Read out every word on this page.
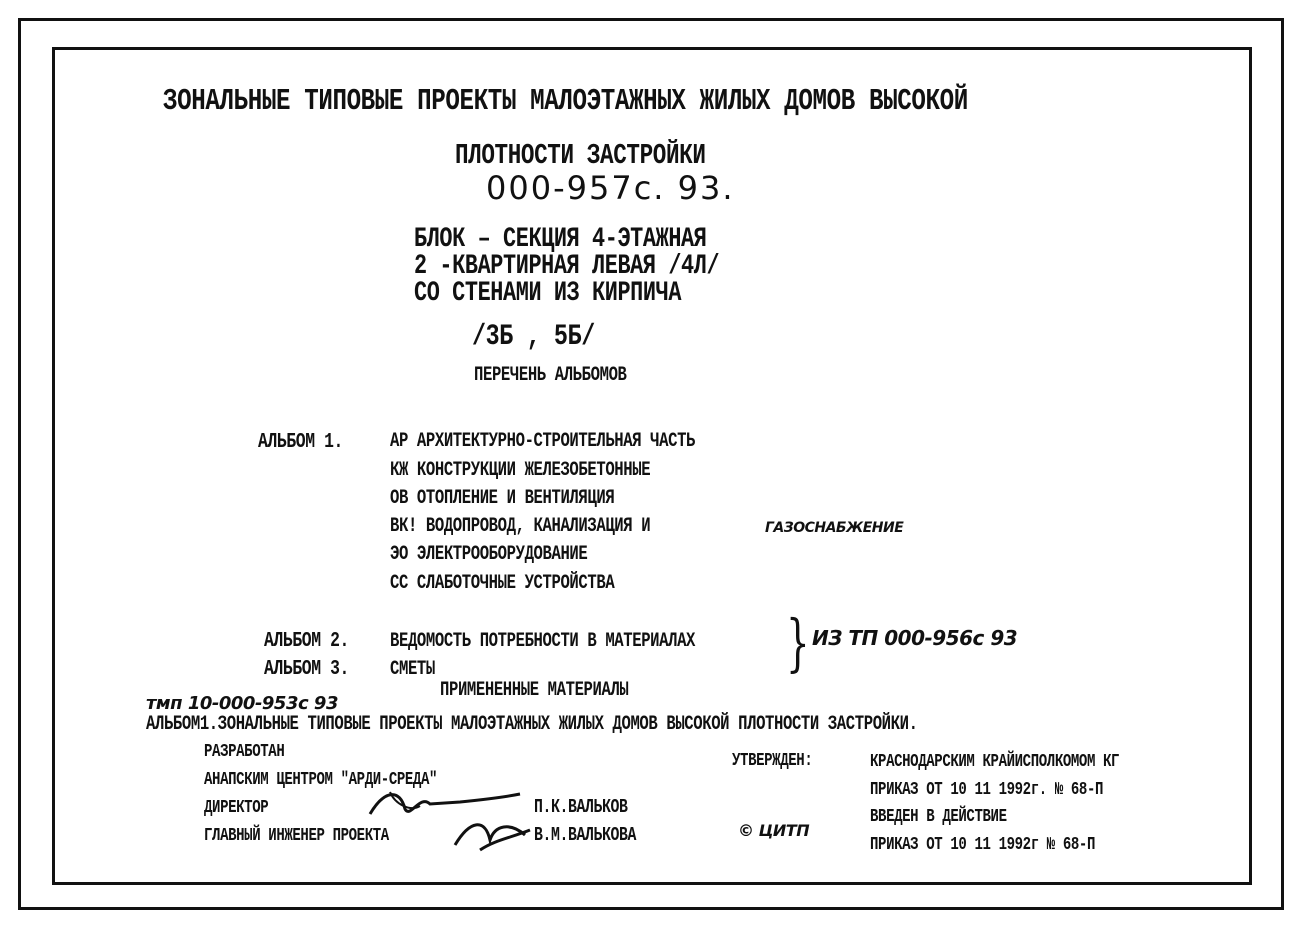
ЗОНАЛЬНЫЕ ТИПОВЫЕ ПРОЕКТЫ МАЛОЭТАЖНЫХ ЖИЛЫХ ДОМОВ ВЫСОКОЙ
ПЛОТНОСТИ ЗАСТРОЙКИ
000-957с. 93.
БЛОК – СЕКЦИЯ 4-ЭТАЖНАЯ
2 -КВАРТИРНАЯ ЛЕВАЯ /4Л/
СО СТЕНАМИ ИЗ КИРПИЧА
/3Б , 5Б/
ПЕРЕЧЕНЬ АЛЬБОМОВ
АЛЬБОМ 1. АР АРХИТЕКТУРНО-СТРОИТЕЛЬНАЯ ЧАСТЬ
КЖ КОНСТРУКЦИИ ЖЕЛЕЗОБЕТОННЫЕ
ОВ ОТОПЛЕНИЕ И ВЕНТИЛЯЦИЯ
ВК! ВОДОПРОВОД, КАНАЛИЗАЦИЯ И	ГАЗОСНАБЖЕНИЕ
ЭО ЭЛЕКТРООБОРУДОВАНИЕ
СС СЛАБОТОЧНЫЕ УСТРОЙСТВА
АЛЬБОМ 2. ВЕДОМОСТЬ ПОТРЕБНОСТИ В МАТЕРИАЛАХ } ИЗ ТП 000-956с 93
АЛЬБОМ 3. СМЕТЫ
ПРИМЕНЕННЫЕ МАТЕРИАЛЫ
тмп 10-000-953с 93
АЛЬБОМ1.ЗОНАЛЬНЫЕ ТИПОВЫЕ ПРОЕКТЫ МАЛОЭТАЖНЫХ ЖИЛЫХ ДОМОВ ВЫСОКОЙ ПЛОТНОСТИ ЗАСТРОЙКИ.
РАЗРАБОТАН
АНАПСКИМ ЦЕНТРОМ "АРДИ-СРЕДА"
ДИРЕКТОР	П.К.ВАЛЬКОВ
ГЛАВНЫЙ ИНЖЕНЕР ПРОЕКТА	В.М.ВАЛЬКОВА
УТВЕРЖДЕН:	КРАСНОДАРСКИМ КРАЙИСПОЛКОМОМ КГ
ПРИКАЗ ОТ 10 11 1992г. № 68-П
ВВЕДЕН В ДЕЙСТВИЕ
ПРИКАЗ ОТ 10 11 1992г № 68-П
© ЦИТП
